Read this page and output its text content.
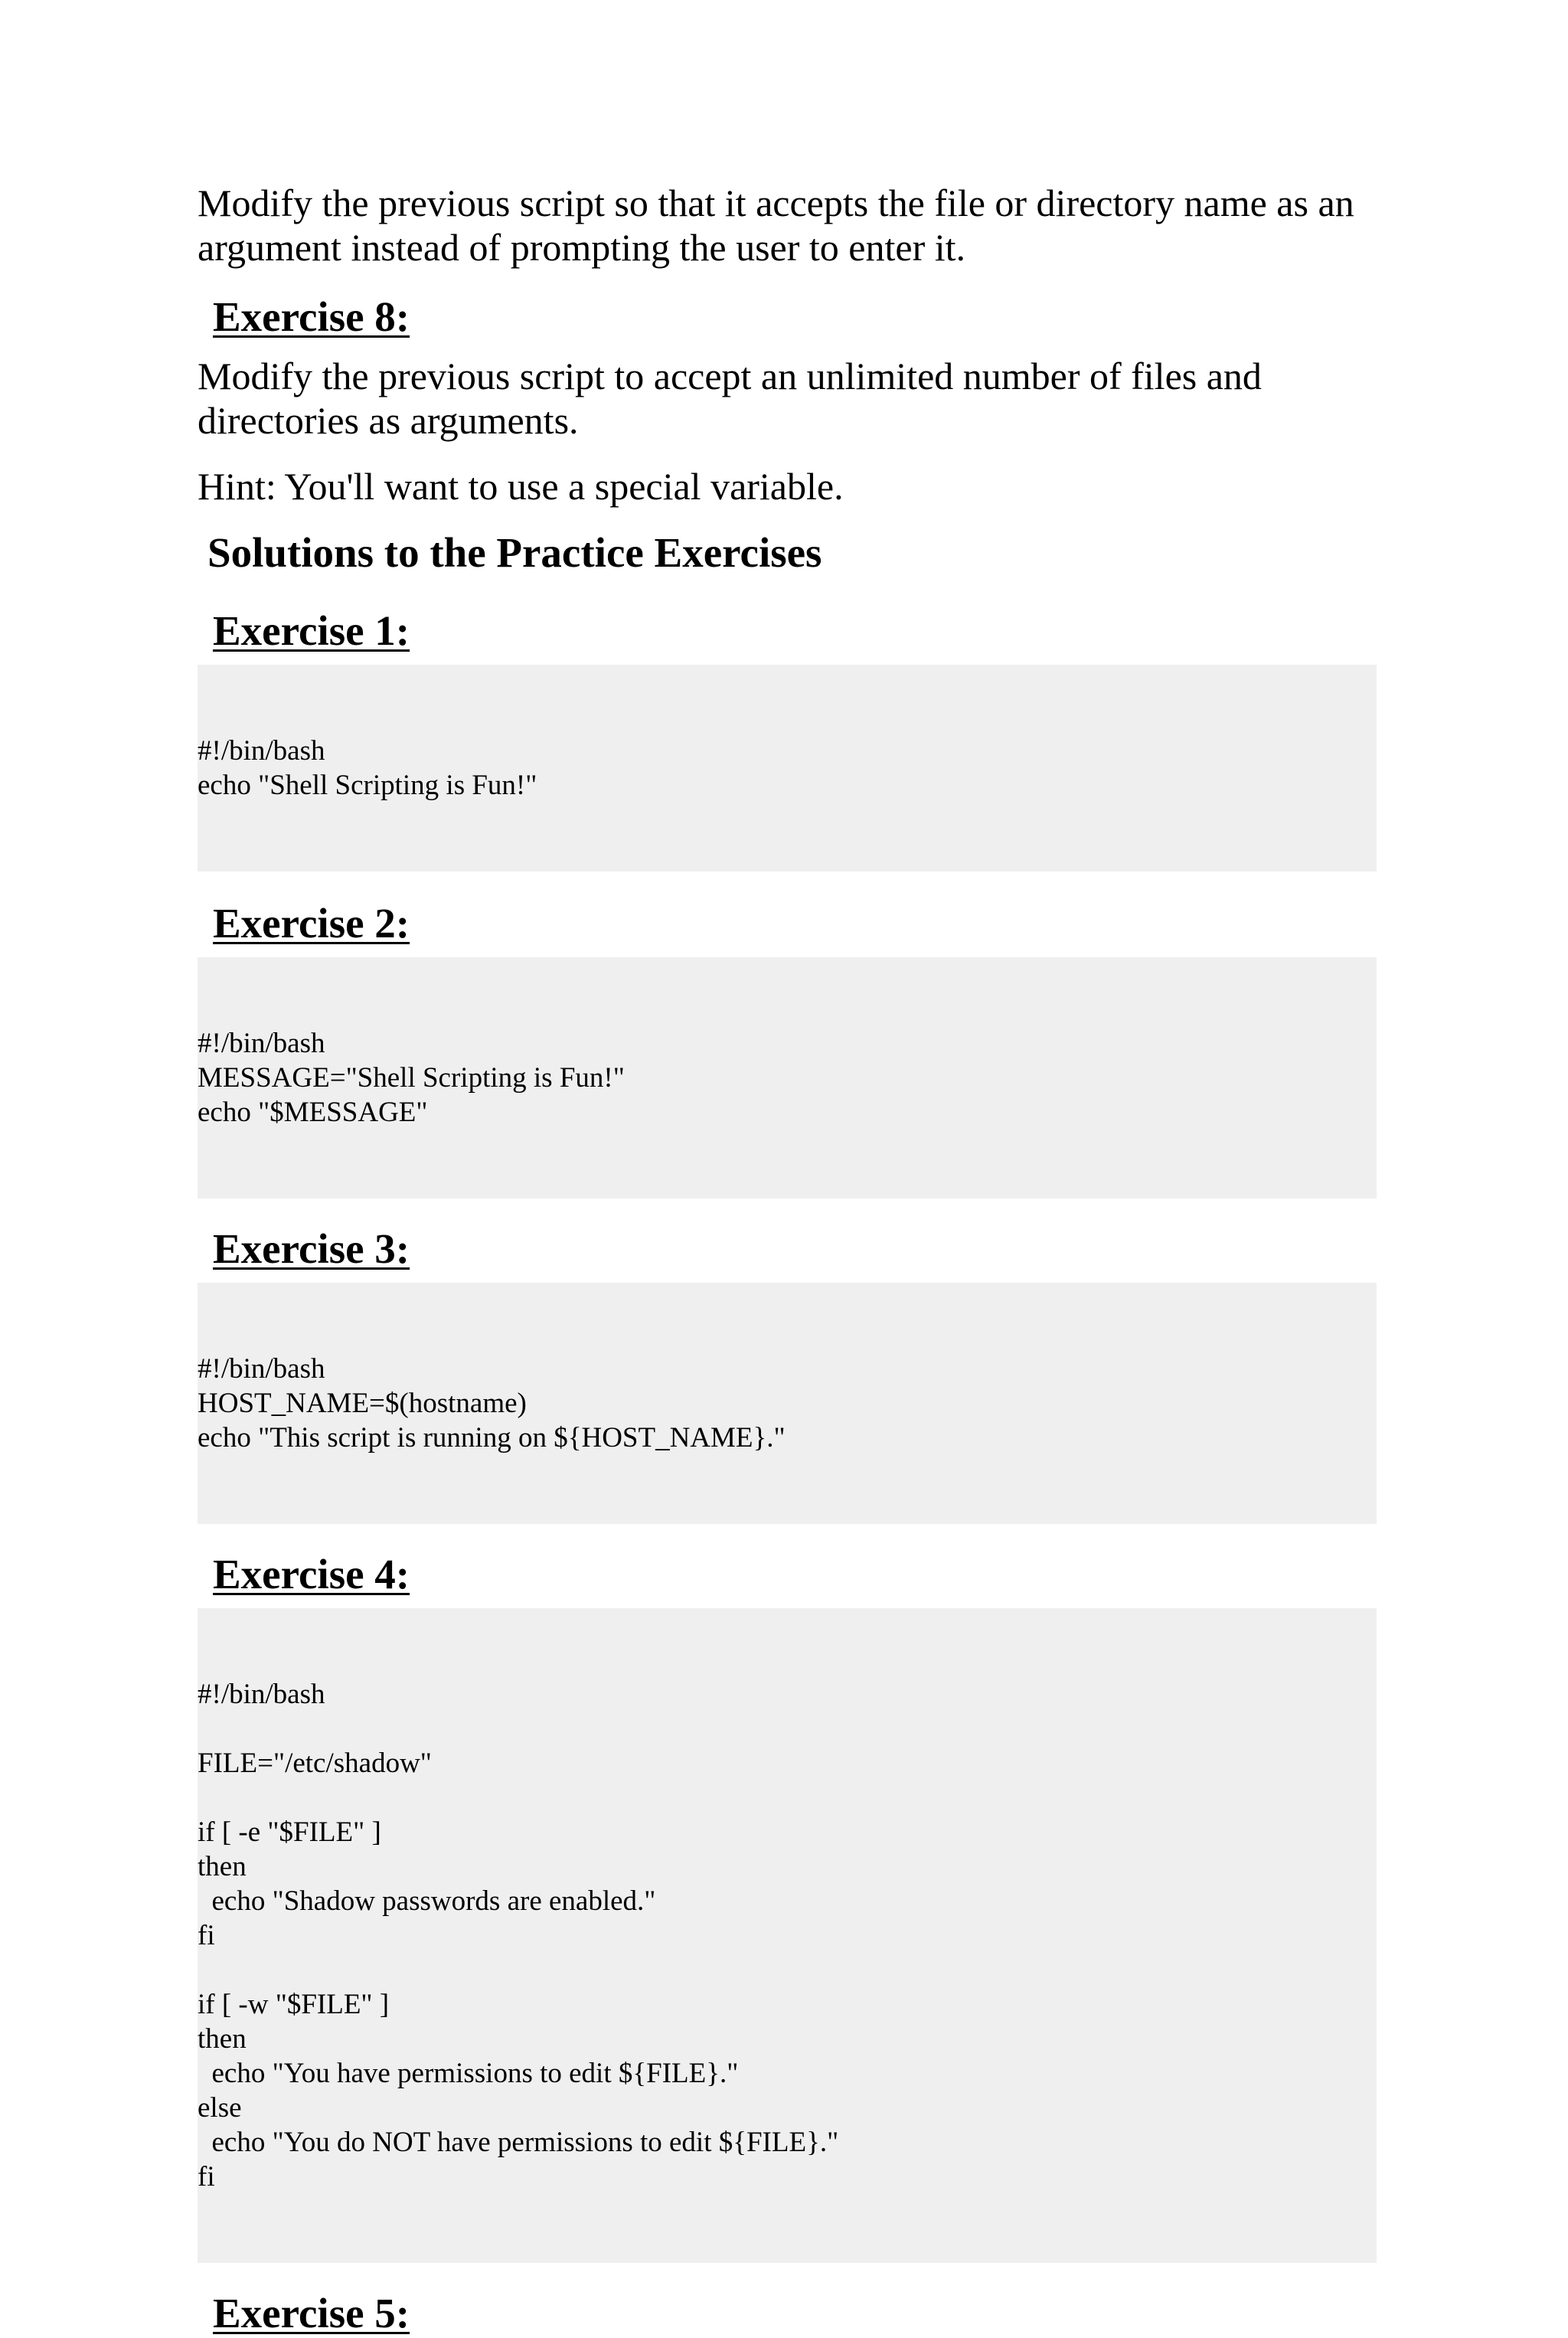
Modify the previous script so that it accepts the file or directory name as an argument instead of prompting the user to enter it.

Exercise 8:

Modify the previous script to accept an unlimited number of files and directories as arguments.

Hint: You'll want to use a special variable.

Solutions to the Practice Exercises
Exercise 1:

#!/bin/bash
echo "Shell Scripting is Fun!"

Exercise 2:

#!/bin/bash
MESSAGE="Shell Scripting is Fun!"
echo "$MESSAGE"

Exercise 3:

#!/bin/bash
HOST_NAME=$(hostname)
echo "This script is running on ${HOST_NAME}."

Exercise 4:

#!/bin/bash
FILE="/etc/shadow"
if [ -e "$FILE" ]
then
echo "Shadow passwords are enabled."
fi
if [ -w "$FILE" ]
then
echo "You have permissions to edit ${FILE}."
else
echo "You do NOT have permissions to edit ${FILE}."
fi

Exercise 5:
